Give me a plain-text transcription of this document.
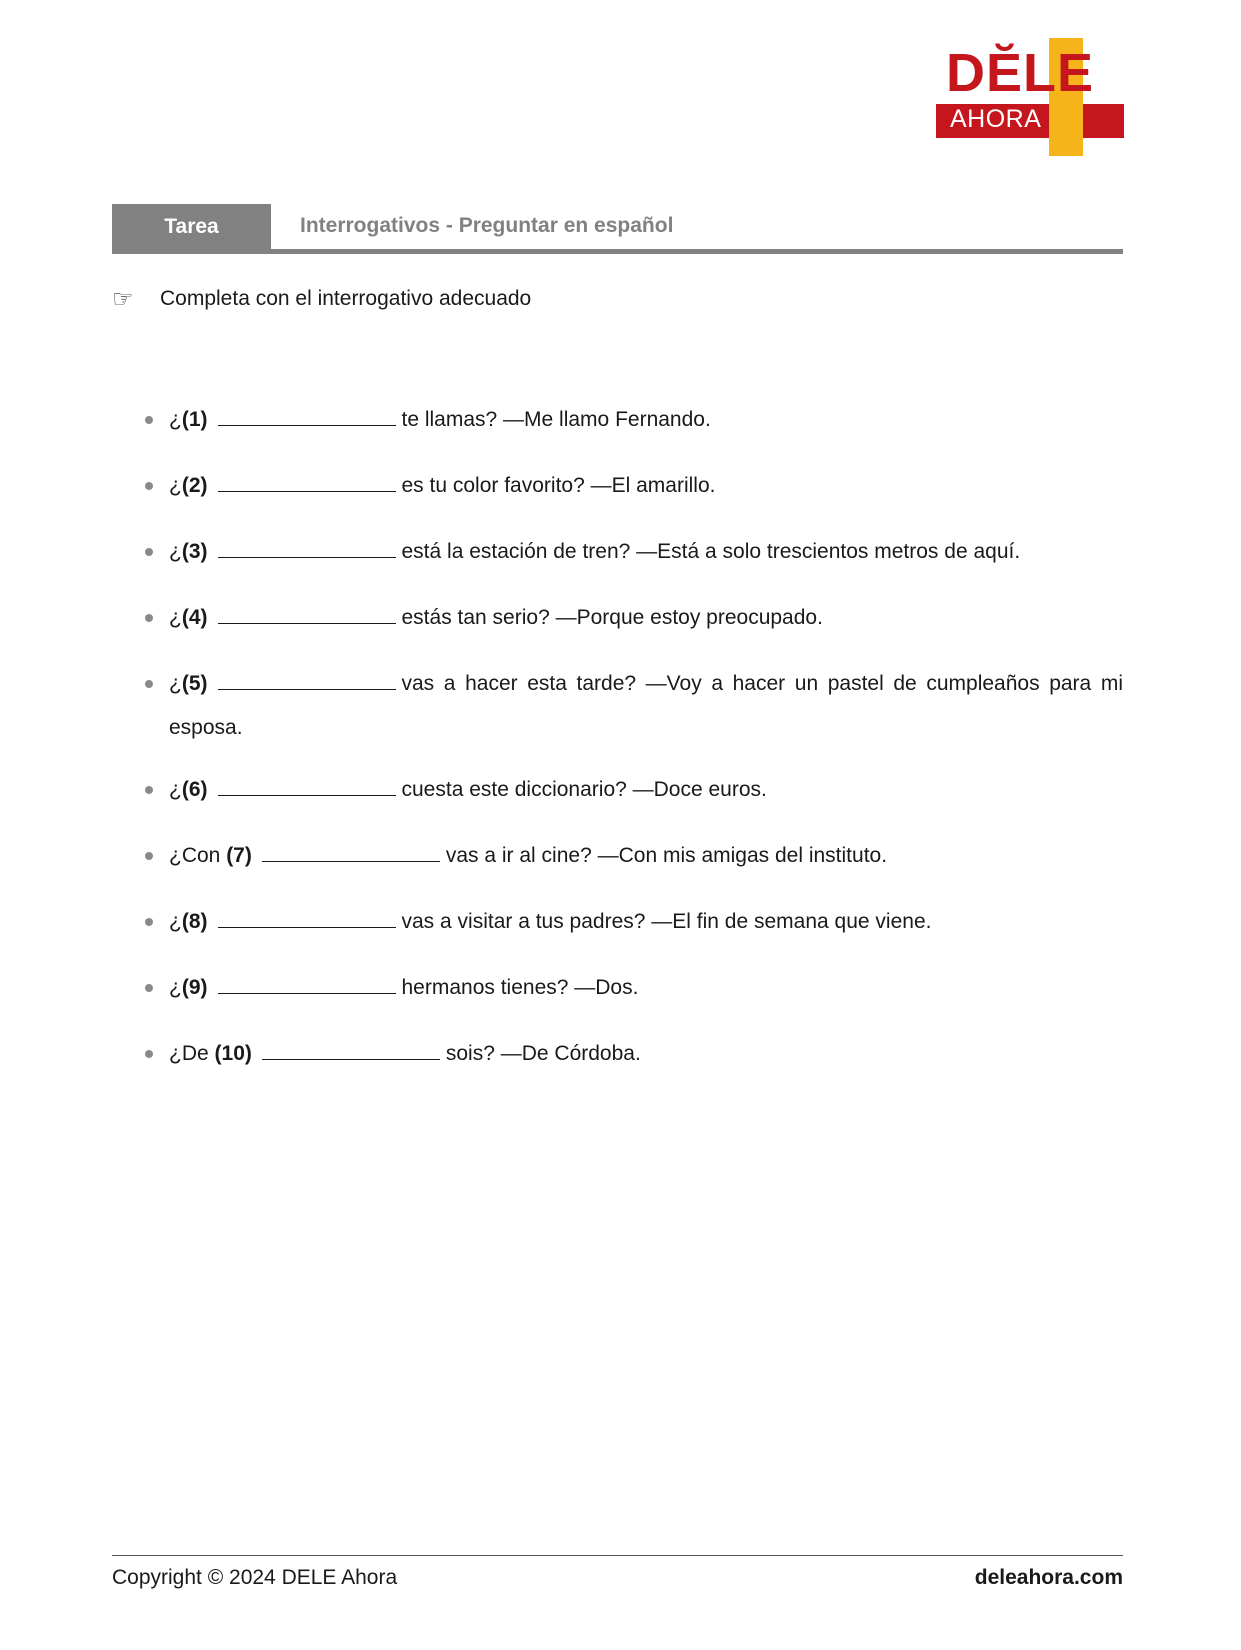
DĔLE
AHORA
Tarea	Interrogativos - Preguntar en español
☞	Completa con el interrogativo adecuado
¿(1)	te llamas? —Me llamo Fernando.
¿(2)	es tu color favorito? —El amarillo.
¿(3)	está la estación de tren? —Está a solo trescientos metros de aquí.
¿(4)	estás tan serio? —Porque estoy preocupado.
¿(5)	vas a hacer esta tarde? —Voy a hacer un pastel de cumpleaños para mi esposa.
¿(6)	cuesta este diccionario? —Doce euros.
¿Con (7)	vas a ir al cine? —Con mis amigas del instituto.
¿(8)	vas a visitar a tus padres? —El fin de semana que viene.
¿(9)	hermanos tienes? —Dos.
¿De (10)	sois? —De Córdoba.
Copyright © 2024 DELE Ahora	deleahora.com
